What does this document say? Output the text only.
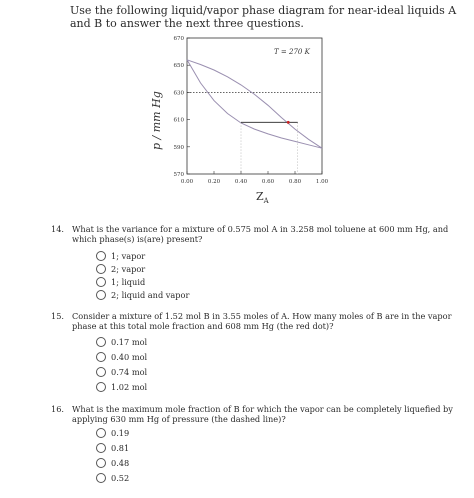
Use the following liquid/vapor phase diagram for near-ideal liquids A and B to answer the next three questions.
T = 270 K
p / mm Hg
$Z_A$
570
590
610
630
650
670
0.00	0.20	0.40	0.60	0.80	1.00
14. What is the variance for a mixture of 0.575 mol A in 3.258 mol toluene at 600 mm Hg, and which phase(s) is(are) present?
1; vapor
2; vapor
1; liquid
2; liquid and vapor
15. Consider a mixture of 1.52 mol B in 3.55 moles of A. How many moles of B are in the vapor phase at this total mole fraction and 608 mm Hg (the red dot)?
0.17 mol
0.40 mol
0.74 mol
1.02 mol
16. What is the maximum mole fraction of B for which the vapor can be completely liquefied by applying 630 mm Hg of pressure (the dashed line)?
0.19
0.81
0.48
0.52
